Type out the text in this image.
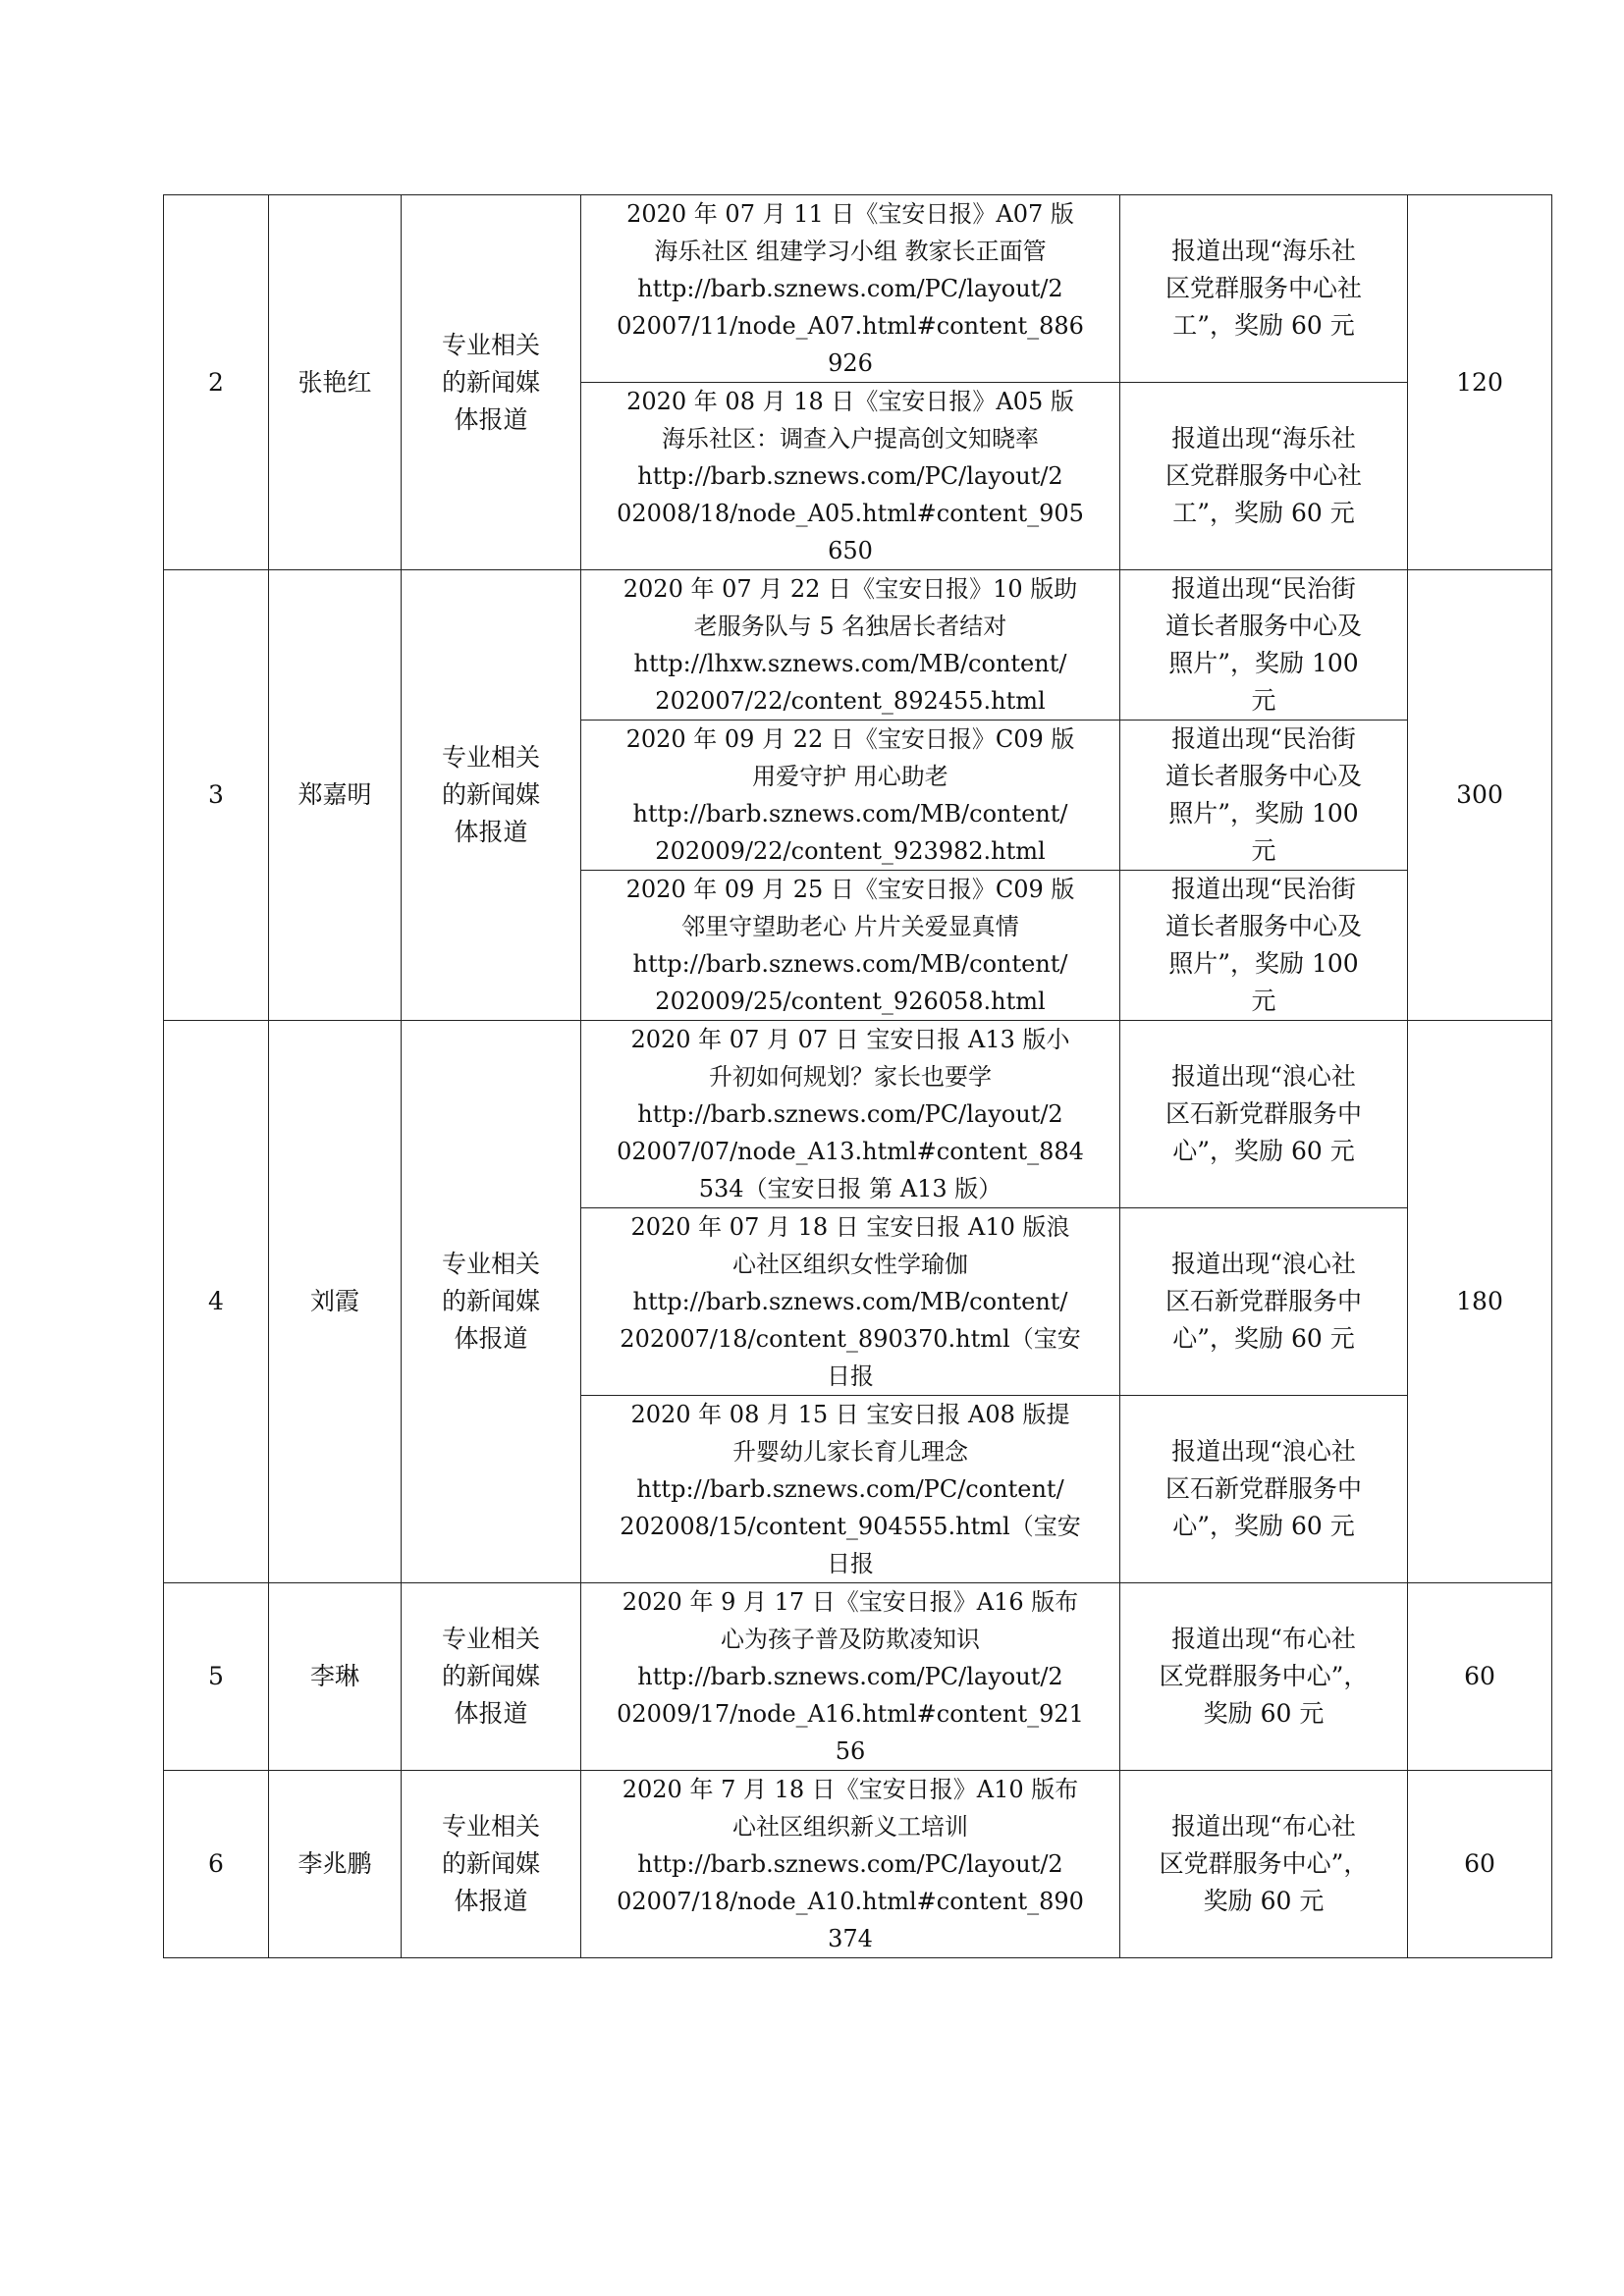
2	张艳红	专业相关
的新闻媒
体报道	2020 年 07 月 11 日《宝安日报》A07 版
海乐社区 组建学习小组 教家长正面管
http://barb.sznews.com/PC/layout/2
02007/11/node_A07.html#content_886
926	报道出现“海乐社
区党群服务中心社
工”，奖励 60 元	120

			2020 年 08 月 18 日《宝安日报》A05 版
海乐社区：调查入户提高创文知晓率
http://barb.sznews.com/PC/layout/2
02008/18/node_A05.html#content_905
650	报道出现“海乐社
区党群服务中心社
工”，奖励 60 元	

3	郑嘉明	专业相关
的新闻媒
体报道	2020 年 07 月 22 日《宝安日报》10 版助
老服务队与 5 名独居长者结对
http://lhxw.sznews.com/MB/content/
202007/22/content_892455.html	报道出现“民治街
道长者服务中心及
照片”，奖励 100
元	300

			2020 年 09 月 22 日《宝安日报》C09 版
用爱守护 用心助老
http://barb.sznews.com/MB/content/
202009/22/content_923982.html	报道出现“民治街
道长者服务中心及
照片”，奖励 100
元	

			2020 年 09 月 25 日《宝安日报》C09 版
邻里守望助老心 片片关爱显真情
http://barb.sznews.com/MB/content/
202009/25/content_926058.html	报道出现“民治街
道长者服务中心及
照片”，奖励 100
元	

4	刘霞	专业相关
的新闻媒
体报道	2020 年 07 月 07 日 宝安日报 A13 版小
升初如何规划？家长也要学
http://barb.sznews.com/PC/layout/2
02007/07/node_A13.html#content_884
534（宝安日报 第 A13 版）	报道出现“浪心社
区石新党群服务中
心”，奖励 60 元	180

			2020 年 07 月 18 日 宝安日报 A10 版浪
心社区组织女性学瑜伽
http://barb.sznews.com/MB/content/
202007/18/content_890370.html（宝安
日报	报道出现“浪心社
区石新党群服务中
心”，奖励 60 元	

			2020 年 08 月 15 日 宝安日报 A08 版提
升婴幼儿家长育儿理念
http://barb.sznews.com/PC/content/
202008/15/content_904555.html（宝安
日报	报道出现“浪心社
区石新党群服务中
心”，奖励 60 元	

5	李琳	专业相关
的新闻媒
体报道	2020 年 9 月 17 日《宝安日报》A16 版布
心为孩子普及防欺凌知识
http://barb.sznews.com/PC/layout/2
02009/17/node_A16.html#content_921
56	报道出现“布心社
区党群服务中心”，
奖励 60 元	60
6	李兆鹏	专业相关
的新闻媒
体报道	2020 年 7 月 18 日《宝安日报》A10 版布
心社区组织新义工培训
http://barb.sznews.com/PC/layout/2
02007/18/node_A10.html#content_890
374	报道出现“布心社
区党群服务中心”，
奖励 60 元	60
